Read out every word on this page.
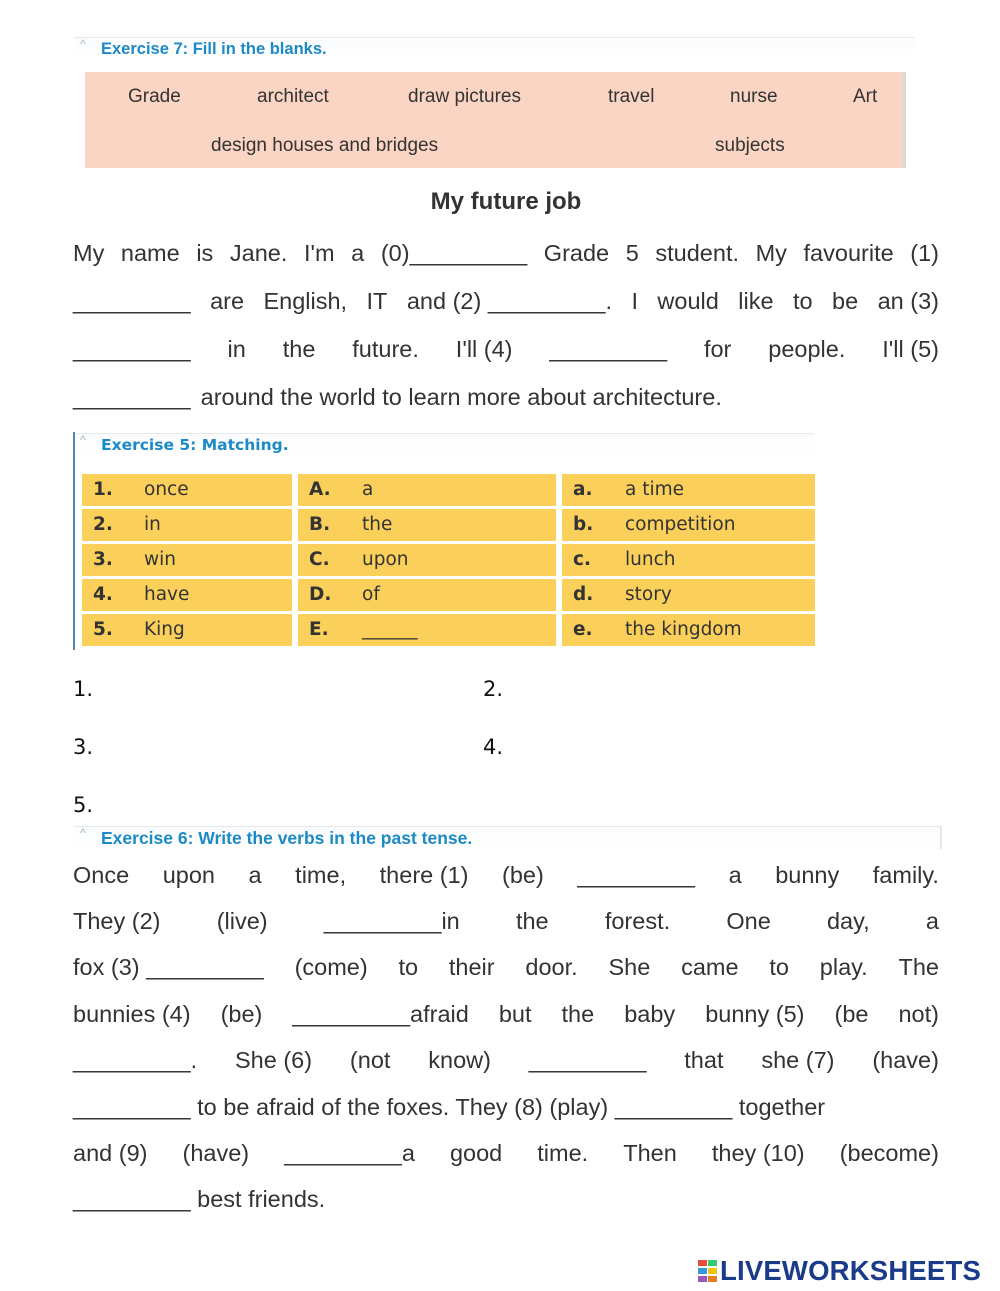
^ Exercise 7: Fill in the blanks.
Grade	architect	draw pictures	travel	nurse	Art
design houses and bridges	subjects
My future job
My name is Jane. I'm a (0)_________ Grade 5 student. My favourite (1)
_________ are English, IT and (2) _________. I would like to be an (3)
_________ in the future. I'll (4) _________ for people. I'll (5)
_________ around the world to learn more about architecture.
^ Exercise 5: Matching.
1. once	A. a	a. a time
2. in	B. the	b. competition
3. win	C. upon	c. lunch
4. have	D. of	d. story
5. King	E. ______	e. the kingdom
1.	2.
3.	4.
5.
^ Exercise 6: Write the verbs in the past tense.
Once upon a time, there (1) (be) _________ a bunny family.
They (2) (live) _________in the forest. One day, a
fox (3) _________ (come) to their door. She came to play. The
bunnies (4) (be) _________afraid but the baby bunny (5) (be not)
_________. She (6) (not know) _________ that she (7) (have)
_________ to be afraid of the foxes. They (8) (play) _________ together
and (9) (have) _________a good time. Then they (10) (become)
_________ best friends.
LIVEWORKSHEETS
